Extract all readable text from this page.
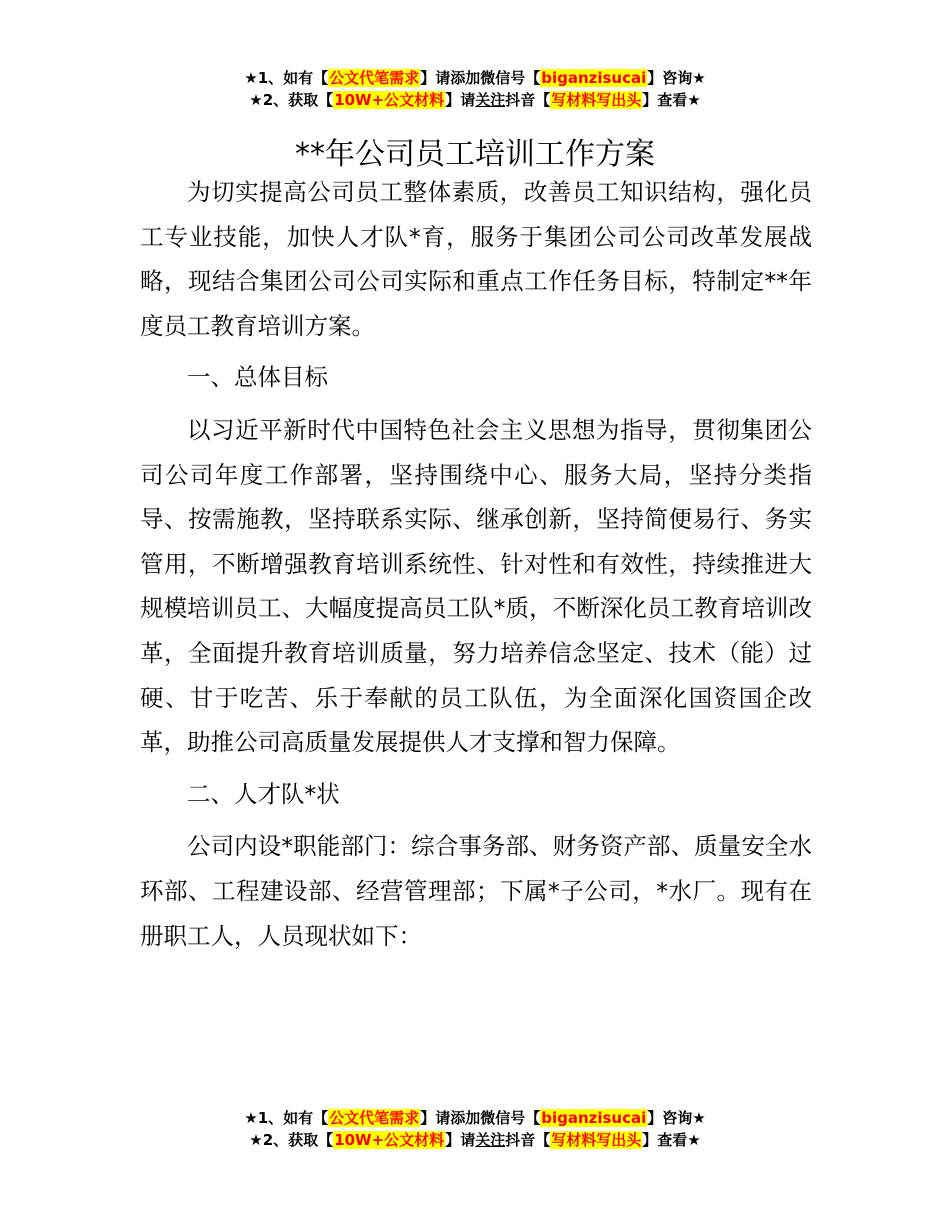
★1、如有【公文代笔需求】请添加微信号【biganzisucai】咨询★
★2、获取【10W+公文材料】请关注抖音【写材料写出头】查看★
**年公司员工培训工作方案

为切实提高公司员工整体素质，改善员工知识结构，强化员工专业技能，加快人才队*育，服务于集团公司公司改革发展战略，现结合集团公司公司实际和重点工作任务目标，特制定**年度员工教育培训方案。

一、总体目标

以习近平新时代中国特色社会主义思想为指导，贯彻集团公司公司年度工作部署，坚持围绕中心、服务大局，坚持分类指导、按需施教，坚持联系实际、继承创新，坚持简便易行、务实管用，不断增强教育培训系统性、针对性和有效性，持续推进大规模培训员工、大幅度提高员工队*质，不断深化员工教育培训改革，全面提升教育培训质量，努力培养信念坚定、技术（能）过硬、甘于吃苦、乐于奉献的员工队伍，为全面深化国资国企改革，助推公司高质量发展提供人才支撑和智力保障。

二、人才队*状

公司内设*职能部门：综合事务部、财务资产部、质量安全水环部、工程建设部、经营管理部；下属*子公司，*水厂。现有在册职工人，人员现状如下：

★1、如有【公文代笔需求】请添加微信号【biganzisucai】咨询★
★2、获取【10W+公文材料】请关注抖音【写材料写出头】查看★
